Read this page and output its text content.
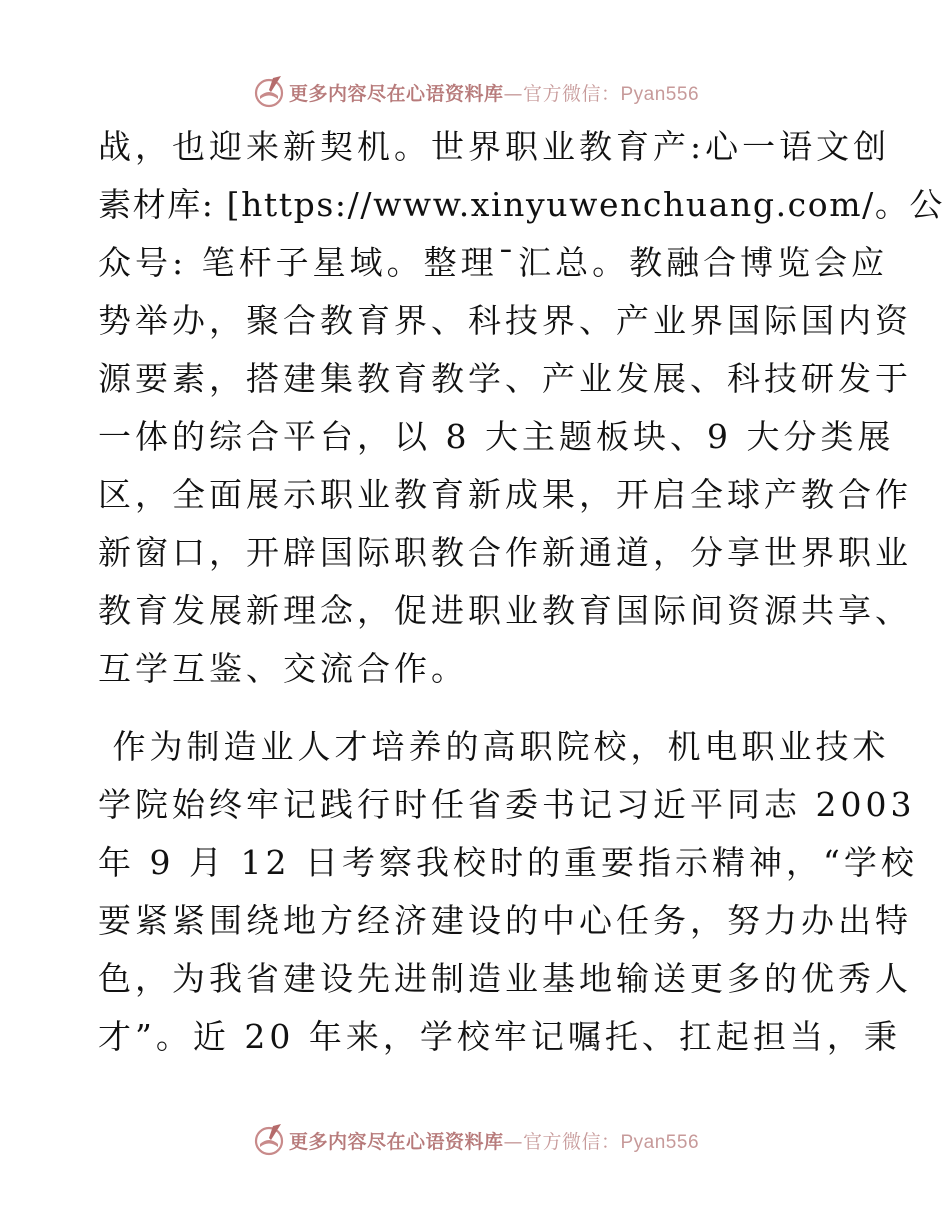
更多内容尽在心语资料库—官方微信：Pyan556
战，也迎来新契机。世界职业教育产:心一语文创
素材库: [https://www.xinyuwenchuang.com/。公
众号: 笔杆子星域。整理¯汇总。教融合博览会应
势举办，聚合教育界、科技界、产业界国际国内资
源要素，搭建集教育教学、产业发展、科技研发于
一体的综合平台，以 8 大主题板块、9 大分类展
区，全面展示职业教育新成果，开启全球产教合作
新窗口，开辟国际职教合作新通道，分享世界职业
教育发展新理念，促进职业教育国际间资源共享、
互学互鉴、交流合作。
作为制造业人才培养的高职院校，机电职业技术
学院始终牢记践行时任省委书记习近平同志 2003
年 9 月 12 日考察我校时的重要指示精神，“学校
要紧紧围绕地方经济建设的中心任务，努力办出特
色，为我省建设先进制造业基地输送更多的优秀人
才”。近 20 年来，学校牢记嘱托、扛起担当，秉
更多内容尽在心语资料库—官方微信：Pyan556
